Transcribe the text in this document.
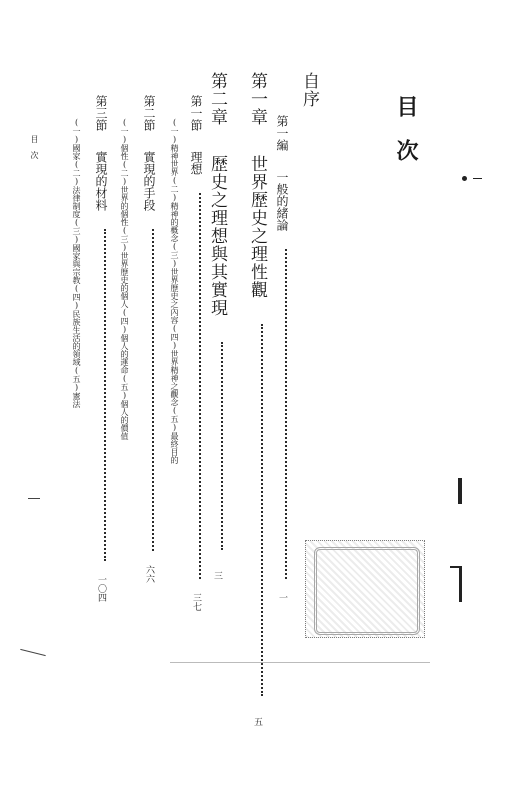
目次
自序
第一編 一般的緒論  一
第一章 世界歷史之理性觀  五
第二章 歷史之理想與其實現  三
第一節 理想  三七
(一)精神世界(二)精神的概念(三)世界歷史之內容(四)世界精神之觀念(五)最終目的
第二節 實現的手段  六六
(一)個性(二)世界的個性(三)世界歷史的個人(四)個人的運命(五)個人的價值
第三節 實現的材料  一〇四
(一)國家(二)法律制度(三)國家與宗教(四)民族生活的領域(五)憲法
目次
